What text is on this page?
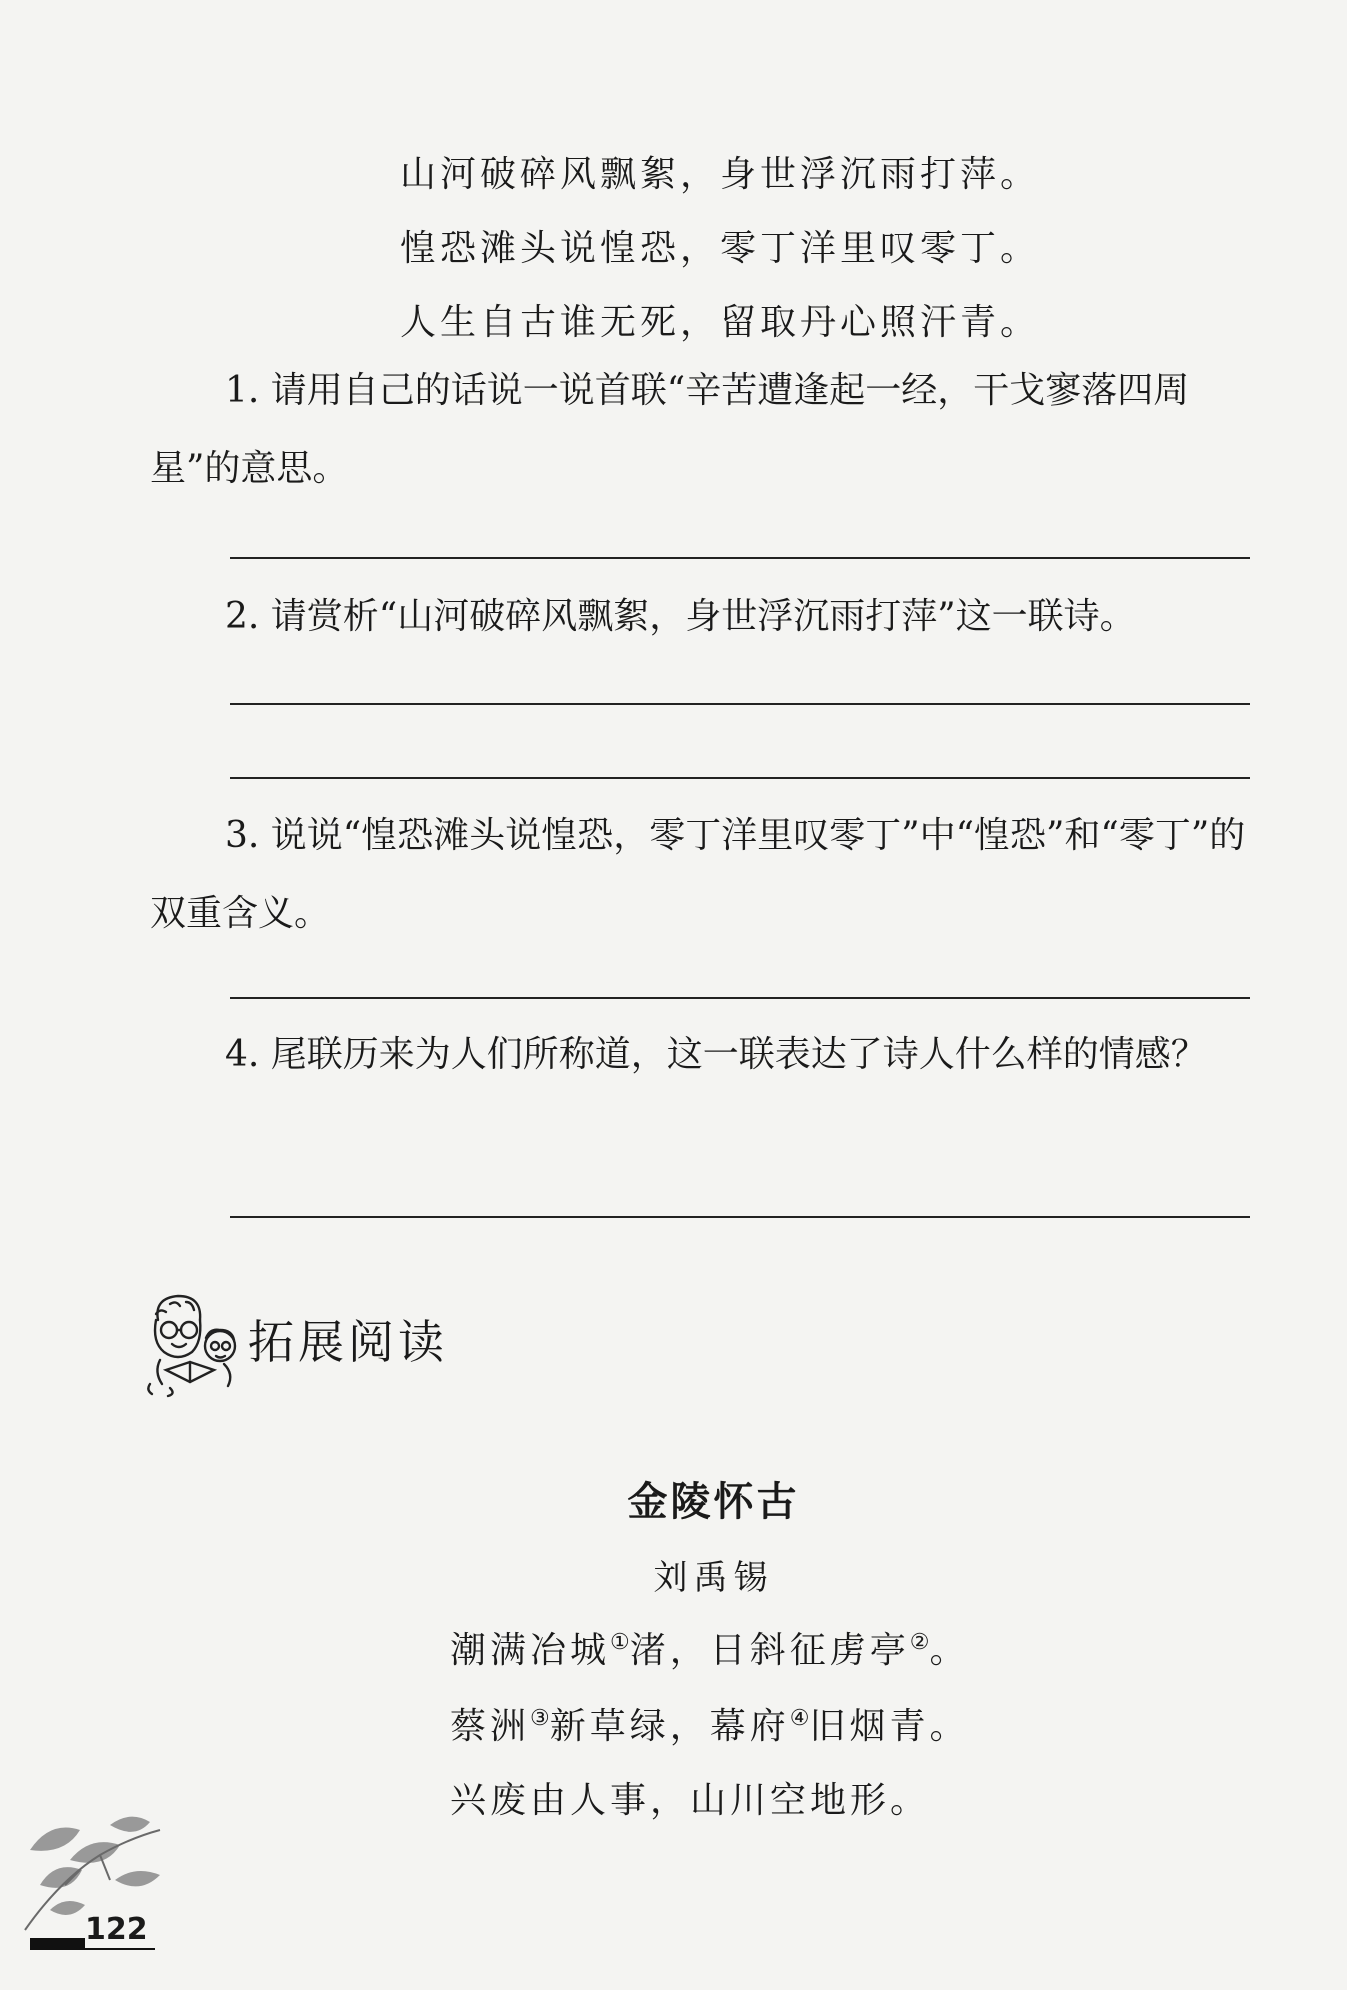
山河破碎风飘絮，身世浮沉雨打萍。
惶恐滩头说惶恐，零丁洋里叹零丁。
人生自古谁无死，留取丹心照汗青。
1. 请用自己的话说一说首联“辛苦遭逢起一经，干戈寥落四周星”的意思。
2. 请赏析“山河破碎风飘絮，身世浮沉雨打萍”这一联诗。
3. 说说“惶恐滩头说惶恐，零丁洋里叹零丁”中“惶恐”和“零丁”的双重含义。
4. 尾联历来为人们所称道，这一联表达了诗人什么样的情感？
拓展阅读
金陵怀古
刘禹锡
潮满冶城①渚，日斜征虏亭②。
蔡洲③新草绿，幕府④旧烟青。
兴废由人事，山川空地形。
122
